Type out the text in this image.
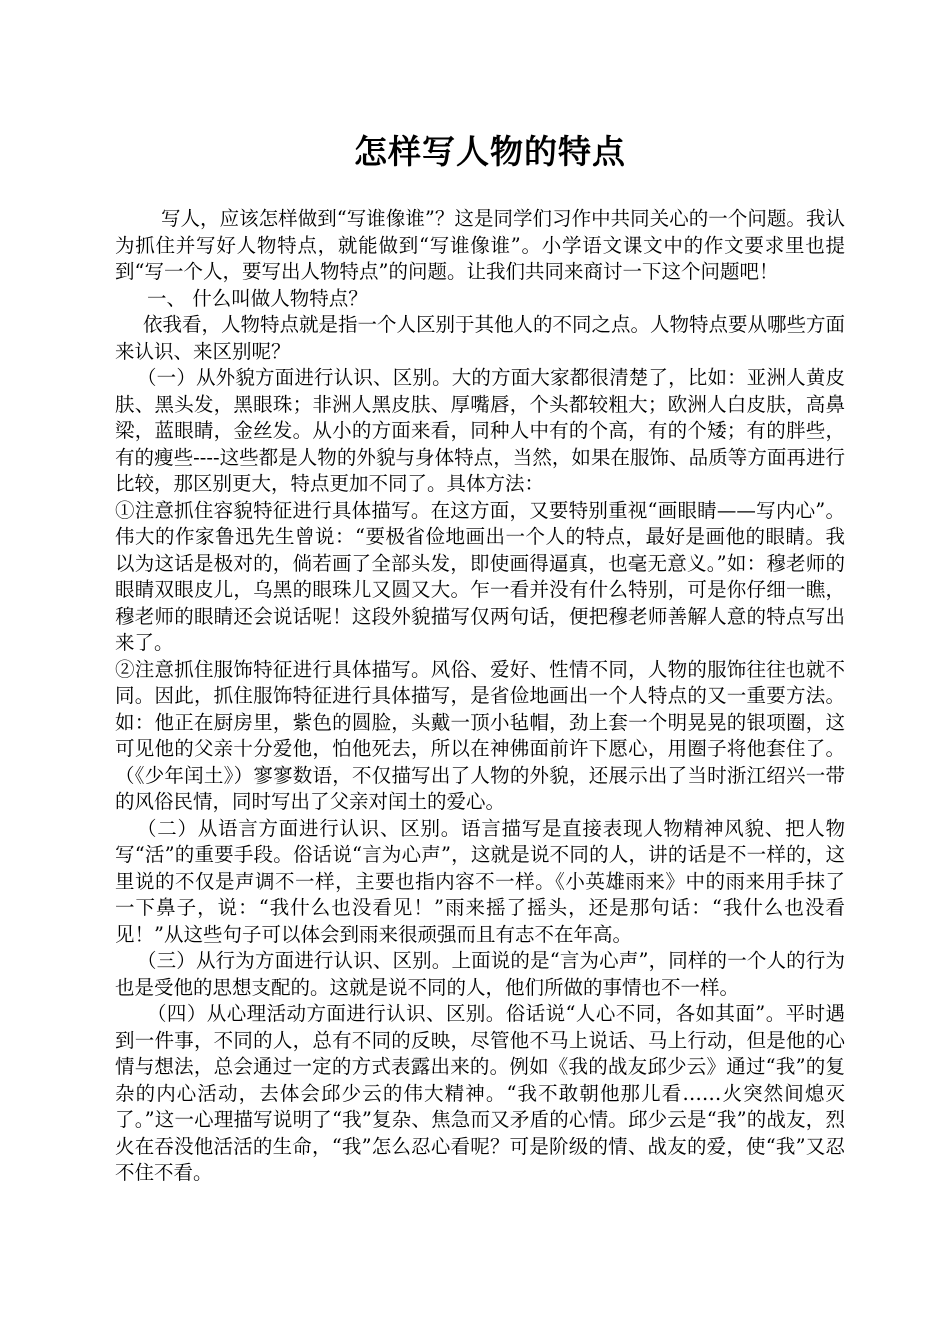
怎样写人物的特点

写人，应该怎样做到“写谁像谁”？这是同学们习作中共同关心的一个问题。我认为抓住并写好人物特点，就能做到“写谁像谁”。小学语文课文中的作文要求里也提到“写一个人，要写出人物特点”的问题。让我们共同来商讨一下这个问题吧！

一、 什么叫做人物特点？

依我看，人物特点就是指一个人区别于其他人的不同之点。人物特点要从哪些方面来认识、来区别呢？

（一）从外貌方面进行认识、区别。大的方面大家都很清楚了，比如：亚洲人黄皮肤、黑头发，黑眼珠；非洲人黑皮肤、厚嘴唇，个头都较粗大；欧洲人白皮肤，高鼻梁，蓝眼睛，金丝发。从小的方面来看，同种人中有的个高，有的个矮；有的胖些，有的瘦些----这些都是人物的外貌与身体特点，当然，如果在服饰、品质等方面再进行比较，那区别更大，特点更加不同了。具体方法：

①注意抓住容貌特征进行具体描写。在这方面，又要特别重视“画眼睛——写内心”。伟大的作家鲁迅先生曾说：“要极省俭地画出一个人的特点，最好是画他的眼睛。我以为这话是极对的，倘若画了全部头发，即使画得逼真，也毫无意义。”如：穆老师的眼睛双眼皮儿，乌黑的眼珠儿又圆又大。乍一看并没有什么特别，可是你仔细一瞧，穆老师的眼睛还会说话呢！这段外貌描写仅两句话，便把穆老师善解人意的特点写出来了。

②注意抓住服饰特征进行具体描写。风俗、爱好、性情不同，人物的服饰往往也就不同。因此，抓住服饰特征进行具体描写，是省俭地画出一个人特点的又一重要方法。如：他正在厨房里，紫色的圆脸，头戴一顶小毡帽，劲上套一个明晃晃的银项圈，这可见他的父亲十分爱他，怕他死去，所以在神佛面前许下愿心，用圈子将他套住了。（《少年闰土》）寥寥数语，不仅描写出了人物的外貌，还展示出了当时浙江绍兴一带的风俗民情，同时写出了父亲对闰土的爱心。

（二）从语言方面进行认识、区别。语言描写是直接表现人物精神风貌、把人物写“活”的重要手段。俗话说“言为心声”，这就是说不同的人，讲的话是不一样的，这里说的不仅是声调不一样，主要也指内容不一样。《小英雄雨来》中的雨来用手抹了一下鼻子，说：“我什么也没看见！”雨来摇了摇头，还是那句话：“我什么也没看见！”从这些句子可以体会到雨来很顽强而且有志不在年高。

（三）从行为方面进行认识、区别。上面说的是“言为心声”，同样的一个人的行为也是受他的思想支配的。这就是说不同的人，他们所做的事情也不一样。

（四）从心理活动方面进行认识、区别。俗话说“人心不同，各如其面”。平时遇到一件事，不同的人，总有不同的反映，尽管他不马上说话、马上行动，但是他的心情与想法，总会通过一定的方式表露出来的。例如《我的战友邱少云》通过“我”的复杂的内心活动，去体会邱少云的伟大精神。“我不敢朝他那儿看……火突然间熄灭了。”这一心理描写说明了“我”复杂、焦急而又矛盾的心情。邱少云是“我”的战友，烈火在吞没他活活的生命，“我”怎么忍心看呢？可是阶级的情、战友的爱，使“我”又忍不住不看。
